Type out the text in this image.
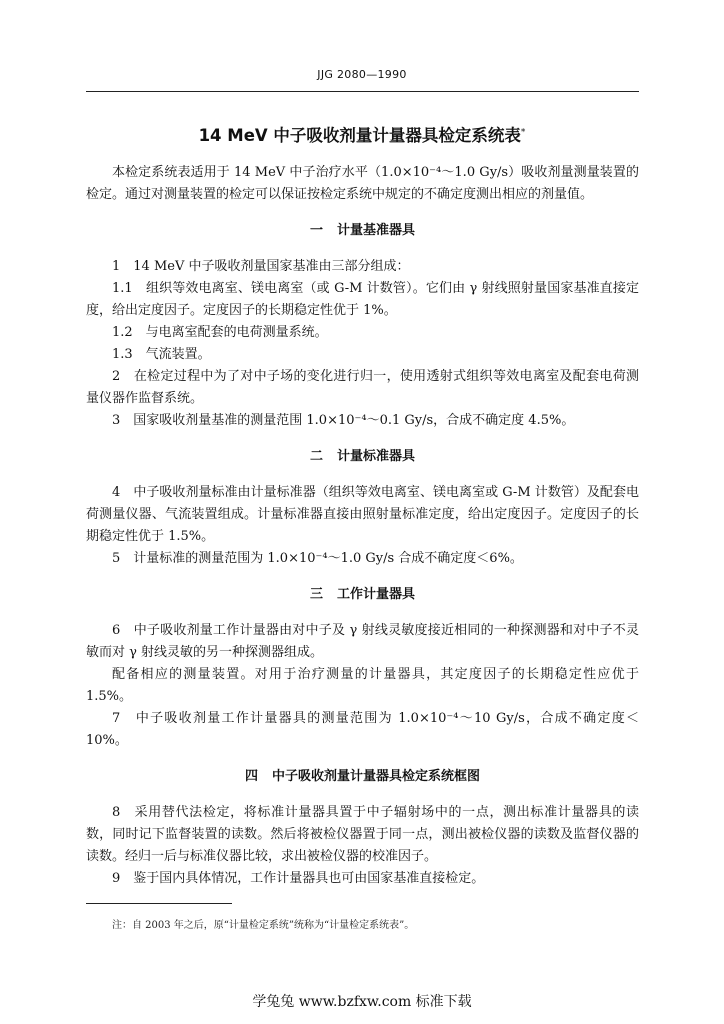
JJG 2080—1990
14 MeV 中子吸收剂量计量器具检定系统表*

本检定系统表适用于 14 MeV 中子治疗水平（1.0×10⁻⁴～1.0 Gy/s）吸收剂量测量装置的检定。通过对测量装置的检定可以保证按检定系统中规定的不确定度测出相应的剂量值。

一 计量基准器具

1　14 MeV 中子吸收剂量国家基准由三部分组成：

1.1　组织等效电离室、镁电离室（或 G-M 计数管）。它们由 γ 射线照射量国家基准直接定度，给出定度因子。定度因子的长期稳定性优于 1%。

1.2　与电离室配套的电荷测量系统。

1.3　气流装置。

2　在检定过程中为了对中子场的变化进行归一，使用透射式组织等效电离室及配套电荷测量仪器作监督系统。

3　国家吸收剂量基准的测量范围 1.0×10⁻⁴～0.1 Gy/s，合成不确定度 4.5%。

二 计量标准器具

4　中子吸收剂量标准由计量标准器（组织等效电离室、镁电离室或 G-M 计数管）及配套电荷测量仪器、气流装置组成。计量标准器直接由照射量标准定度，给出定度因子。定度因子的长期稳定性优于 1.5%。

5　计量标准的测量范围为 1.0×10⁻⁴～1.0 Gy/s 合成不确定度＜6%。

三 工作计量器具

6　中子吸收剂量工作计量器由对中子及 γ 射线灵敏度接近相同的一种探测器和对中子不灵敏而对 γ 射线灵敏的另一种探测器组成。

配备相应的测量装置。对用于治疗测量的计量器具，其定度因子的长期稳定性应优于 1.5%。

7　中子吸收剂量工作计量器具的测量范围为 1.0×10⁻⁴～10 Gy/s，合成不确定度＜10%。

四 中子吸收剂量计量器具检定系统框图

8　采用替代法检定，将标准计量器具置于中子辐射场中的一点，测出标准计量器具的读数，同时记下监督装置的读数。然后将被检仪器置于同一点，测出被检仪器的读数及监督仪器的读数。经归一后与标准仪器比较，求出被检仪器的校准因子。

9　鉴于国内具体情况，工作计量器具也可由国家基准直接检定。

注：自 2003 年之后，原“计量检定系统”统称为“计量检定系统表”。
学兔兔 www.bzfxw.com 标准下载
